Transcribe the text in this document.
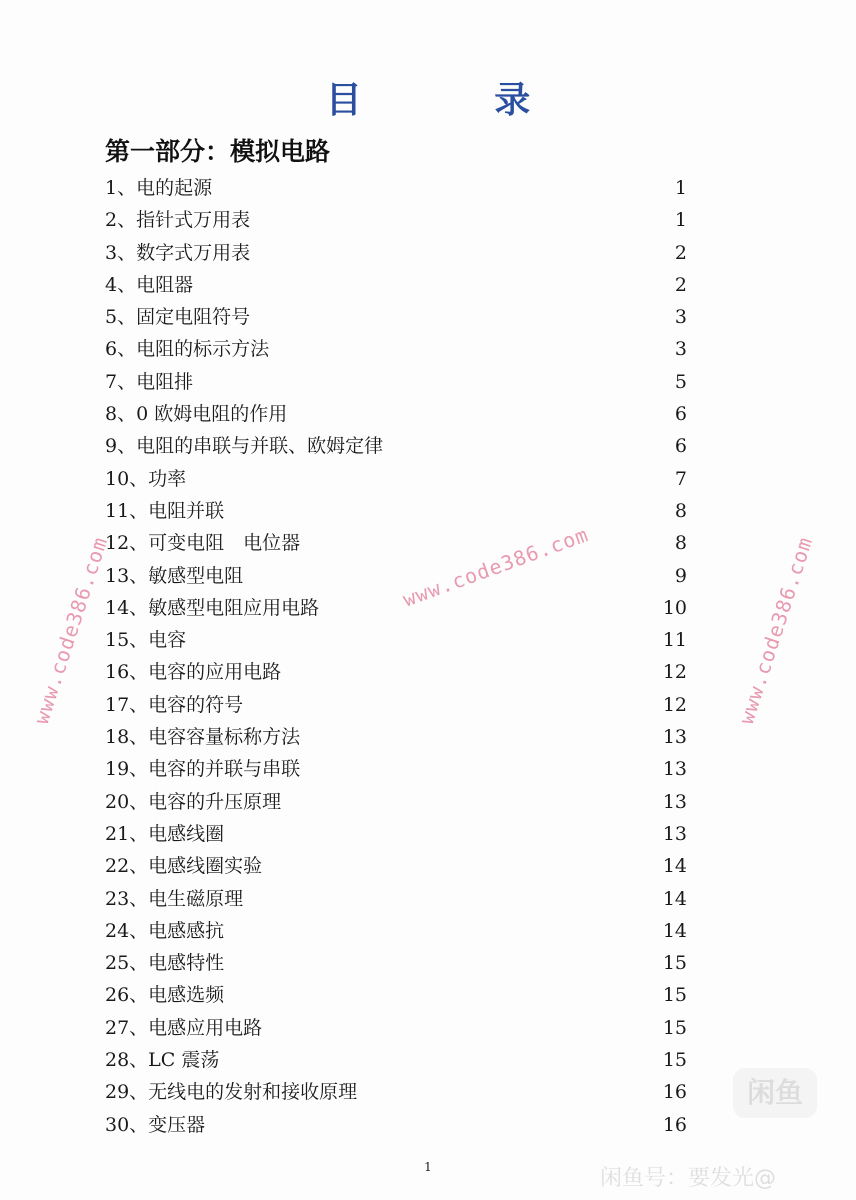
目 录
第一部分：模拟电路
1、电的起源	1
2、指针式万用表	1
3、数字式万用表	2
4、电阻器	2
5、固定电阻符号	3
6、电阻的标示方法	3
7、电阻排	5
8、0 欧姆电阻的作用	6
9、电阻的串联与并联、欧姆定律	6
10、功率	7
11、电阻并联	8
12、可变电阻　电位器	8
13、敏感型电阻	9
14、敏感型电阻应用电路	10
15、电容	11
16、电容的应用电路	12
17、电容的符号	12
18、电容容量标称方法	13
19、电容的并联与串联	13
20、电容的升压原理	13
21、电感线圈	13
22、电感线圈实验	14
23、电生磁原理	14
24、电感感抗	14
25、电感特性	15
26、电感选频	15
27、电感应用电路	15
28、LC 震荡	15
29、无线电的发射和接收原理	16
30、变压器	16
www.code386.com	www.code386.com	www.code386.com
闲鱼
闲鱼号：要发光@
1
